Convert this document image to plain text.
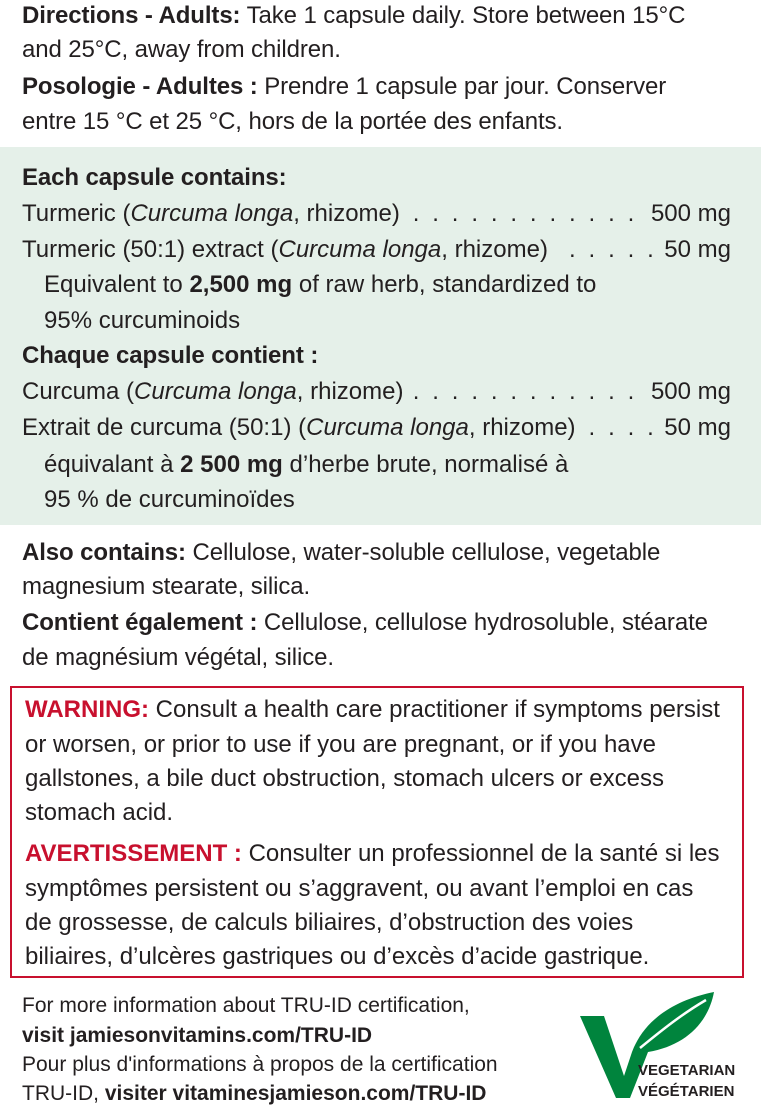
Directions - Adults: Take 1 capsule daily. Store between 15°C
and 25°C, away from children.
Posologie - Adultes : Prendre 1 capsule par jour. Conserver
entre 15 °C et 25 °C, hors de la portée des enfants.
Each capsule contains:
. . . . . . . . . . . .
Turmeric (Curcuma longa, rhizome)	500 mg
. . . . .
Turmeric (50:1) extract (Curcuma longa, rhizome)	50 mg
Equivalent to 2,500 mg of raw herb, standardized to
95% curcuminoids
Chaque capsule contient :
. . . . . . . . . . . .
Curcuma (Curcuma longa, rhizome)	500 mg
. . .
Extrait de curcuma (50:1) (Curcuma longa, rhizome)	50 mg
équivalant à 2 500 mg d’herbe brute, normalisé à
95 % de curcuminoïdes
Also contains: Cellulose, water-soluble cellulose, vegetable
magnesium stearate, silica.
Contient également : Cellulose, cellulose hydrosoluble, stéarate
de magnésium végétal, silice.
WARNING: Consult a health care practitioner if symptoms persist
or worsen, or prior to use if you are pregnant, or if you have
gallstones, a bile duct obstruction, stomach ulcers or excess
stomach acid.
AVERTISSEMENT : Consulter un professionnel de la santé si les
symptômes persistent ou s’aggravent, ou avant l’emploi en cas
de grossesse, de calculs biliaires, d’obstruction des voies
biliaires, d’ulcères gastriques ou d’excès d’acide gastrique.
For more information about TRU-ID certification,
visit jamiesonvitamins.com/TRU-ID
Pour plus d'informations à propos de la certification
TRU-ID, visiter vitaminesjamieson.com/TRU-ID
VEGETARIAN
VÉGÉTARIEN
